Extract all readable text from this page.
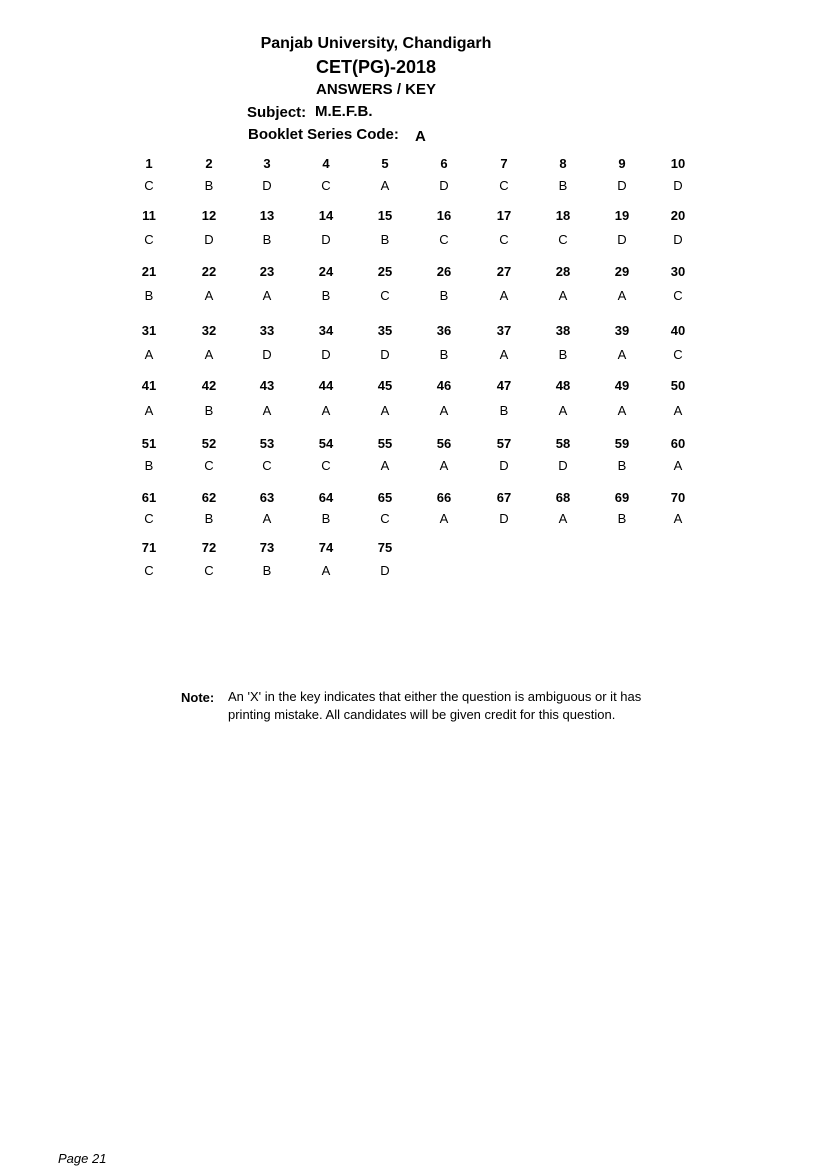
Panjab University, Chandigarh
CET(PG)-2018
ANSWERS / KEY
Subject: M.E.F.B.
Booklet Series Code: A
1	2	3	4	5	6	7	8	9	10
C	B	D	C	A	D	C	B	D	D
11	12	13	14	15	16	17	18	19	20
C	D	B	D	B	C	C	C	D	D
21	22	23	24	25	26	27	28	29	30
B	A	A	B	C	B	A	A	A	C
31	32	33	34	35	36	37	38	39	40
A	A	D	D	D	B	A	B	A	C
41	42	43	44	45	46	47	48	49	50
A	B	A	A	A	A	B	A	A	A
51	52	53	54	55	56	57	58	59	60
B	C	C	C	A	A	D	D	B	A
61	62	63	64	65	66	67	68	69	70
C	B	A	B	C	A	D	A	B	A
71	72	73	74	75
C	C	B	A	D
Note: An 'X' in the key indicates that either the question is ambiguous or it has
printing mistake. All candidates will be given credit for this question.
Page 21
